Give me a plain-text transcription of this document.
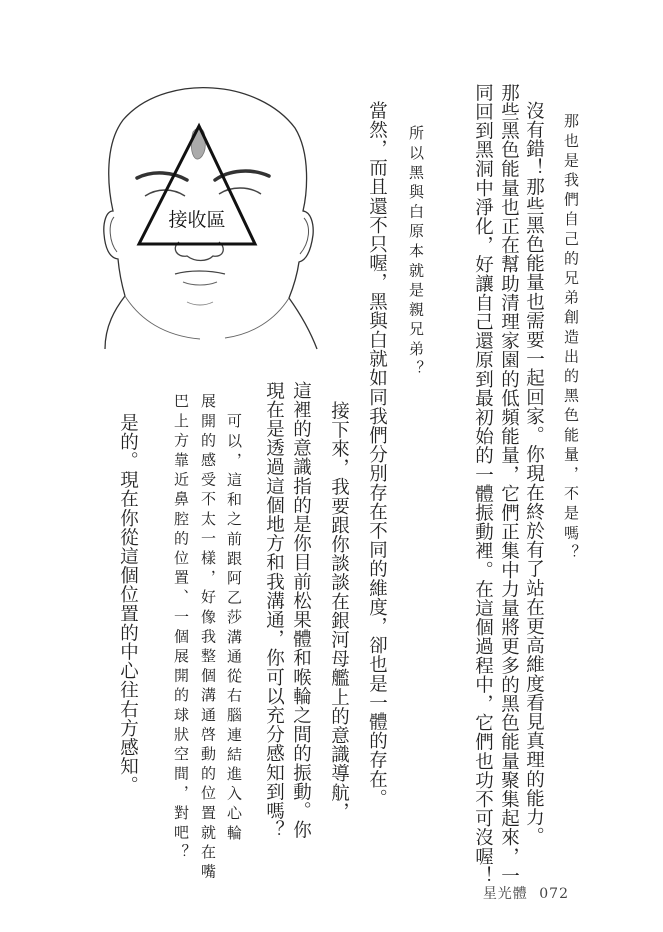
接收區	那也是我們自己的兄弟創造出的黑色能量，不是嗎？
沒有錯！那些黑色能量也需要一起回家。你現在終於有了站在更高維度看見真理的能力。
那些黑色能量也正在幫助清理家園的低頻能量，它們正集中力量將更多的黑色能量聚集起來，一
同回到黑洞中淨化，好讓自己還原到最初始的一體振動裡。在這個過程中，它們也功不可沒喔！
所以黑與白原本就是親兄弟？
當然，而且還不只喔，黑與白就如同我們分別存在不同的維度，卻也是一體的存在。
接下來，我要跟你談談在銀河母艦上的意識導航，
這裡的意識指的是你目前松果體和喉輪之間的振動。你
現在是透過這個地方和我溝通，你可以充分感知到嗎？
可以，這和之前跟阿乙莎溝通從右腦連結進入心輪
展開的感受不太一樣，好像我整個溝通啓動的位置就在嘴
巴上方靠近鼻腔的位置、一個展開的球狀空間，對吧？
是的。現在你從這個位置的中心往右方感知。
星光體 072
